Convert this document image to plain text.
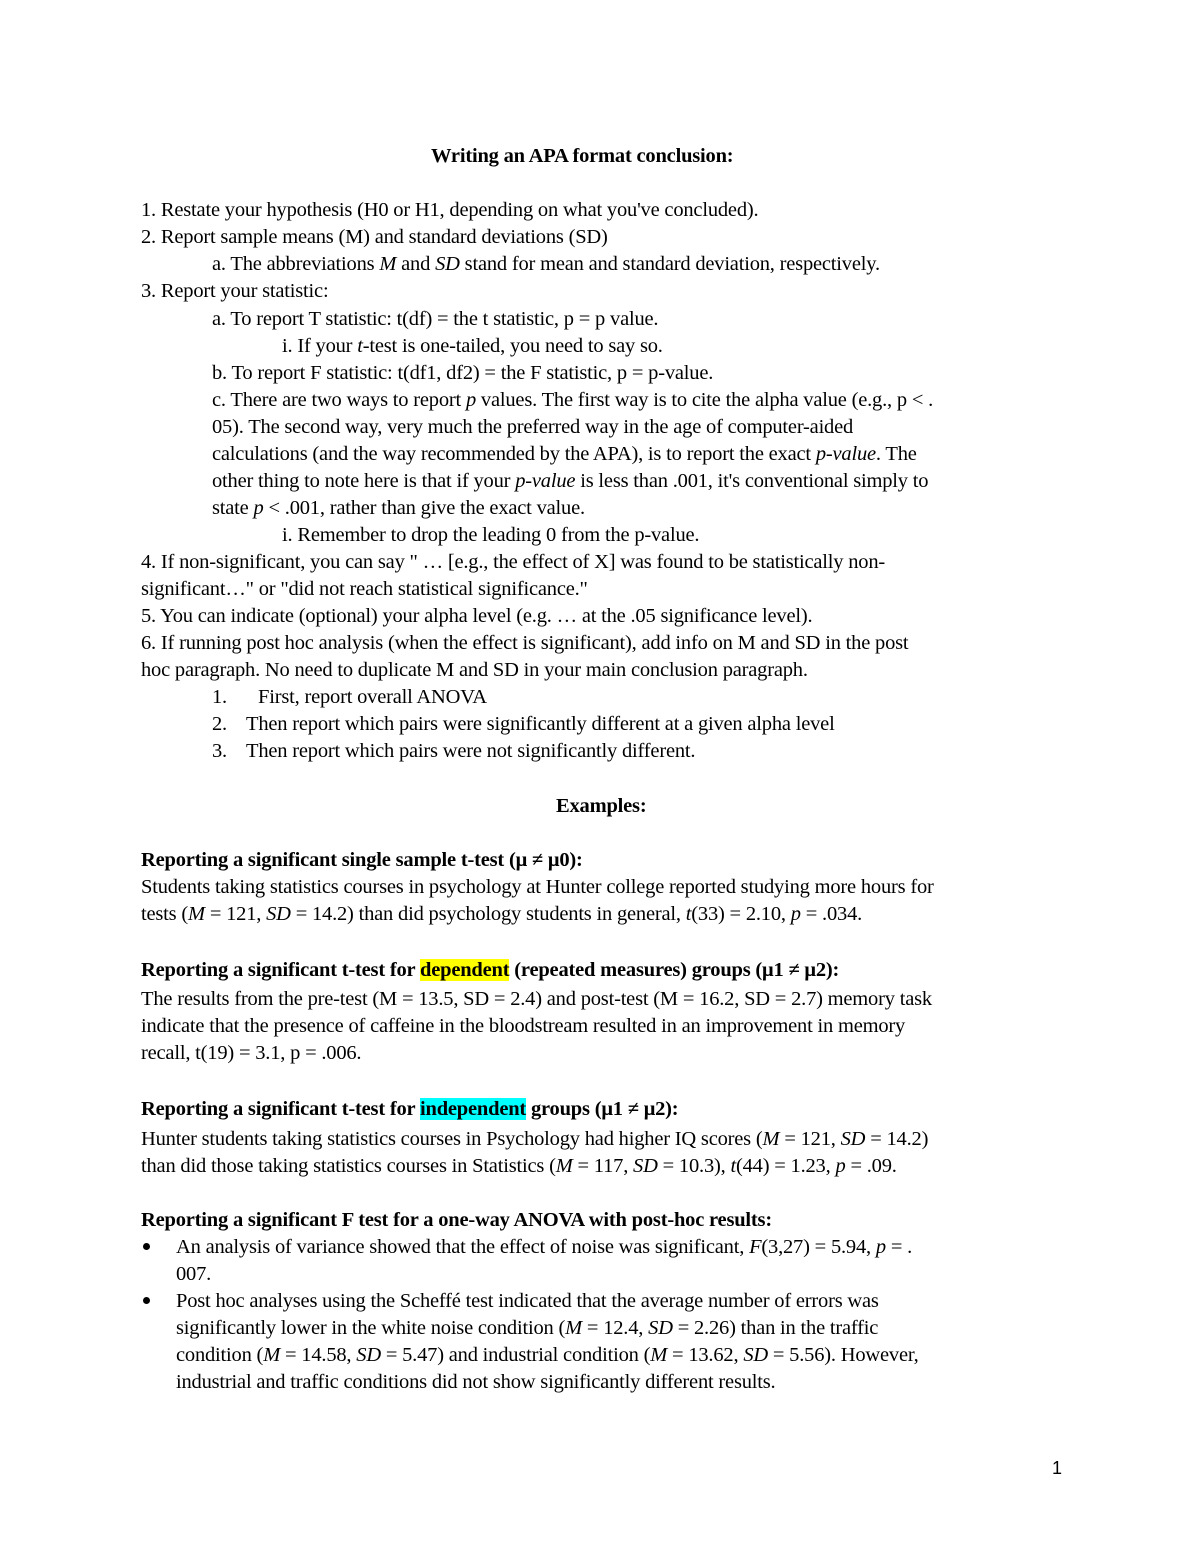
Writing an APA format conclusion:
1. Restate your hypothesis (H0 or H1, depending on what you've concluded).
2. Report sample means (M) and standard deviations (SD)
a. The abbreviations M and SD stand for mean and standard deviation, respectively.
3. Report your statistic:
a. To report T statistic: t(df) = the t statistic, p = p value.
i. If your t-test is one-tailed, you need to say so.
b. To report F statistic: t(df1, df2) = the F statistic, p = p-value.
c. There are two ways to report p values. The first way is to cite the alpha value (e.g., p < .
05). The second way, very much the preferred way in the age of computer-aided
calculations (and the way recommended by the APA), is to report the exact p-value. The
other thing to note here is that if your p-value is less than .001, it's conventional simply to
state p < .001, rather than give the exact value.
i. Remember to drop the leading 0 from the p-value.
4. If non-significant, you can say " … [e.g., the effect of X] was found to be statistically non-
significant…" or "did not reach statistical significance."
5. You can indicate (optional) your alpha level (e.g. … at the .05 significance level).
6. If running post hoc analysis (when the effect is significant), add info on M and SD in the post
hoc paragraph. No need to duplicate M and SD in your main conclusion paragraph.
1. First, report overall ANOVA
2. Then report which pairs were significantly different at a given alpha level
3. Then report which pairs were not significantly different.
Examples:
Reporting a significant single sample t-test (μ ≠ μ0):
Students taking statistics courses in psychology at Hunter college reported studying more hours for
tests (M = 121, SD = 14.2) than did psychology students in general, t(33) = 2.10, p = .034.
Reporting a significant t-test for dependent (repeated measures) groups (μ1 ≠ μ2):
The results from the pre-test (M = 13.5, SD = 2.4) and post-test (M = 16.2, SD = 2.7) memory task
indicate that the presence of caffeine in the bloodstream resulted in an improvement in memory
recall, t(19) = 3.1, p = .006.
Reporting a significant t-test for independent groups (μ1 ≠ μ2):
Hunter students taking statistics courses in Psychology had higher IQ scores (M = 121, SD = 14.2)
than did those taking statistics courses in Statistics (M = 117, SD = 10.3), t(44) = 1.23, p = .09.
Reporting a significant F test for a one-way ANOVA with post-hoc results:
An analysis of variance showed that the effect of noise was significant, F(3,27) = 5.94, p = .
007.
Post hoc analyses using the Scheffé test indicated that the average number of errors was
significantly lower in the white noise condition (M = 12.4, SD = 2.26) than in the traffic
condition (M = 14.58, SD = 5.47) and industrial condition (M = 13.62, SD = 5.56). However,
industrial and traffic conditions did not show significantly different results.
1
